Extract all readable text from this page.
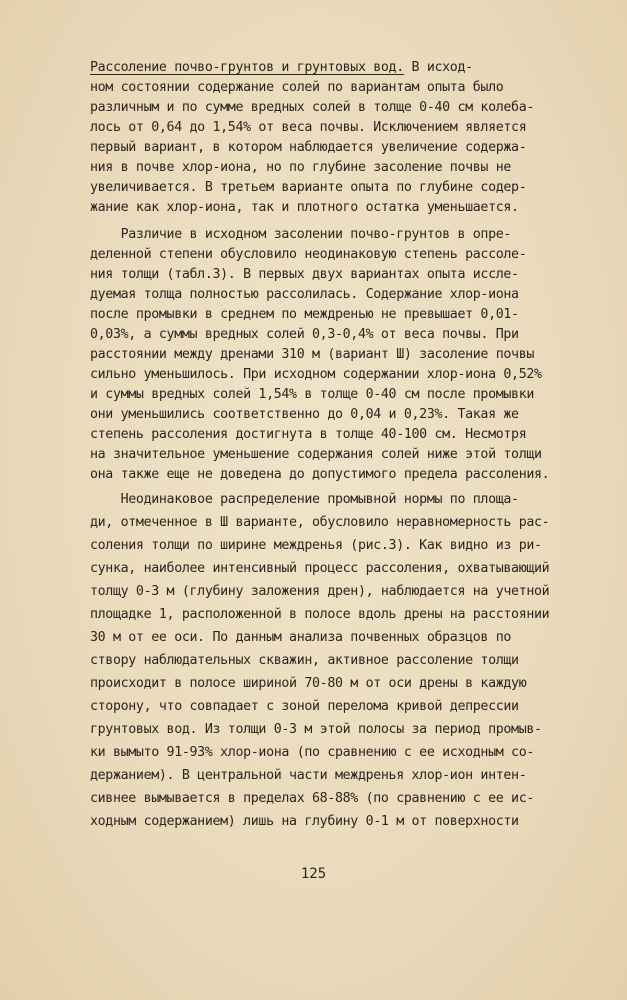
Рассоление почво-грунтов и грунтовых вод. В исход-
ном состоянии содержание солей по вариантам опыта было
различным и по сумме вредных солей в толще 0-40 см колеба-
лось от 0,64 до 1,54% от веса почвы. Исключением является
первый вариант, в котором наблюдается увеличение содержа-
ния в почве хлор-иона, но по глубине засоление почвы не
увеличивается. В третьем варианте опыта по глубине содер-
жание как хлор-иона, так и плотного остатка уменьшается.
Различие в исходном засолении почво-грунтов в опре-
деленной степени обусловило неодинаковую степень рассоле-
ния толщи (табл.3). В первых двух вариантах опыта иссле-
дуемая толща полностью рассолилась. Содержание хлор-иона
после промывки в среднем по междренью не превышает 0,01-
0,03%, а суммы вредных солей 0,3-0,4% от веса почвы. При
расстоянии между дренами 310 м (вариант Ш) засоление почвы
сильно уменьшилось. При исходном содержании хлор-иона 0,52%
и суммы вредных солей 1,54% в толще 0-40 см после промывки
они уменьшились соответственно до 0,04 и 0,23%. Такая же
степень рассоления достигнута в толще 40-100 см. Несмотря
на значительное уменьшение содержания солей ниже этой толщи
она также еще не доведена до допустимого предела рассоления.
Неодинаковое распределение промывной нормы по площа-
ди, отмеченное в Ш варианте, обусловило неравномерность рас-
соления толщи по ширине междренья (рис.3). Как видно из ри-
сунка, наиболее интенсивный процесс рассоления, охватывающий
толщу 0-3 м (глубину заложения дрен), наблюдается на учетной
площадке 1, расположенной в полосе вдоль дрены на расстоянии
30 м от ее оси. По данным анализа почвенных образцов по
створу наблюдательных скважин, активное рассоление толщи
происходит в полосе шириной 70-80 м от оси дрены в каждую
сторону, что совпадает с зоной перелома кривой депрессии
грунтовых вод. Из толщи 0-3 м этой полосы за период промыв-
ки вымыто 91-93% хлор-иона (по сравнению с ее исходным со-
держанием). В центральной части междренья хлор-ион интен-
сивнее вымывается в пределах 68-88% (по сравнению с ее ис-
ходным содержанием) лишь на глубину 0-1 м от поверхности
125
